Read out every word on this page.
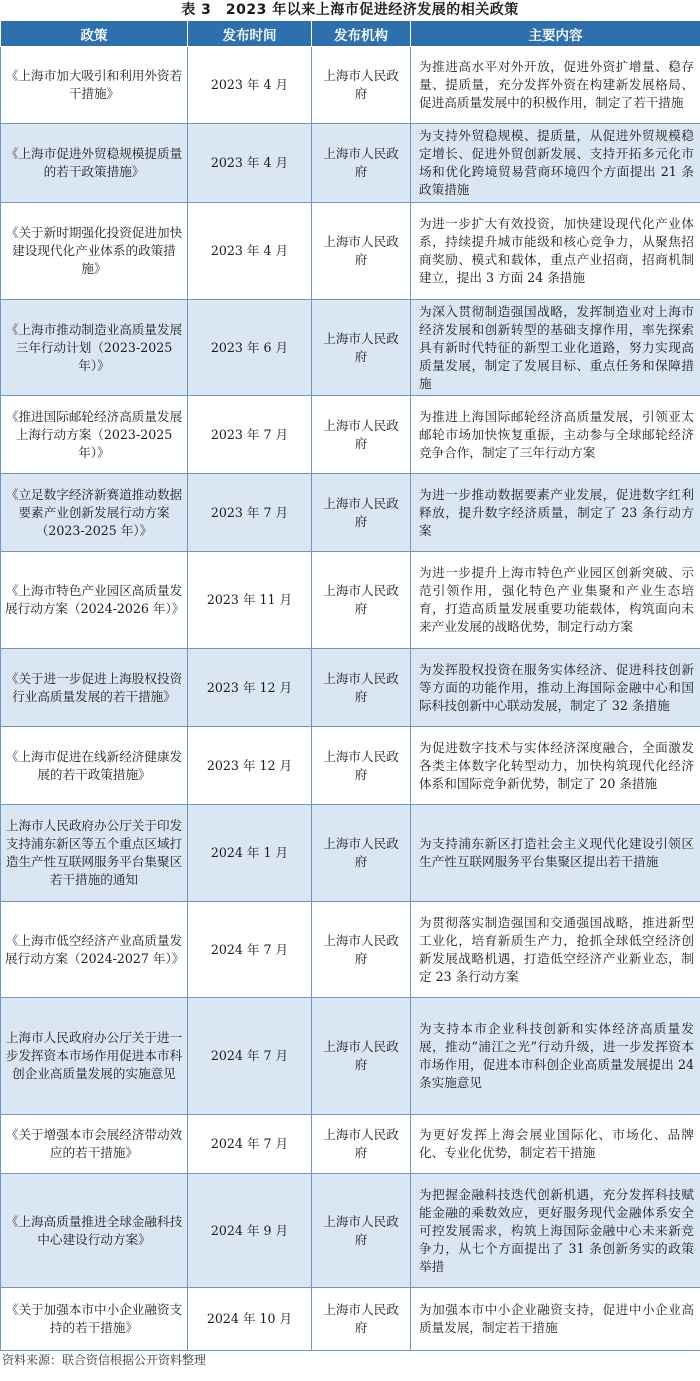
表 3　2023 年以来上海市促进经济发展的相关政策
政策	发布时间	发布机构	主要内容
《上海市加大吸引和利用外资若干措施》	2023 年 4 月	上海市人民政府	为推进高水平对外开放，促进外资扩增量、稳存量、提质量，充分发挥外资在构建新发展格局、促进高质量发展中的积极作用，制定了若干措施
《上海市促进外贸稳规模提质量的若干政策措施》	2023 年 4 月	上海市人民政府	为支持外贸稳规模、提质量，从促进外贸规模稳定增长、促进外贸创新发展、支持开拓多元化市场和优化跨境贸易营商环境四个方面提出 21 条政策措施
《关于新时期强化投资促进加快建设现代化产业体系的政策措施》	2023 年 4 月	上海市人民政府	为进一步扩大有效投资，加快建设现代化产业体系，持续提升城市能级和核心竞争力，从聚焦招商奖励、模式和载体，重点产业招商，招商机制建立，提出 3 方面 24 条措施
《上海市推动制造业高质量发展三年行动计划（2023-2025 年）》	2023 年 6 月	上海市人民政府	为深入贯彻制造强国战略，发挥制造业对上海市经济发展和创新转型的基础支撑作用，率先探索具有新时代特征的新型工业化道路，努力实现高质量发展，制定了发展目标、重点任务和保障措施
《推进国际邮轮经济高质量发展上海行动方案（2023-2025 年）》	2023 年 7 月	上海市人民政府	为推进上海国际邮轮经济高质量发展，引领亚太邮轮市场加快恢复重振，主动参与全球邮轮经济竞争合作，制定了三年行动方案
《立足数字经济新赛道推动数据要素产业创新发展行动方案（2023-2025 年）》	2023 年 7 月	上海市人民政府	为进一步推动数据要素产业发展，促进数字红利释放，提升数字经济质量，制定了 23 条行动方案
《上海市特色产业园区高质量发展行动方案（2024-2026 年）》	2023 年 11 月	上海市人民政府	为进一步提升上海市特色产业园区创新突破、示范引领作用，强化特色产业集聚和产业生态培育，打造高质量发展重要功能载体，构筑面向未来产业发展的战略优势，制定行动方案
《关于进一步促进上海股权投资行业高质量发展的若干措施》	2023 年 12 月	上海市人民政府	为发挥股权投资在服务实体经济、促进科技创新等方面的功能作用，推动上海国际金融中心和国际科技创新中心联动发展，制定了 32 条措施
《上海市促进在线新经济健康发展的若干政策措施》	2023 年 12 月	上海市人民政府	为促进数字技术与实体经济深度融合，全面激发各类主体数字化转型动力，加快构筑现代化经济体系和国际竞争新优势，制定了 20 条措施
上海市人民政府办公厅关于印发支持浦东新区等五个重点区域打造生产性互联网服务平台集聚区若干措施的通知	2024 年 1 月	上海市人民政府	为支持浦东新区打造社会主义现代化建设引领区生产性互联网服务平台集聚区提出若干措施
《上海市低空经济产业高质量发展行动方案（2024-2027 年）》	2024 年 7 月	上海市人民政府	为贯彻落实制造强国和交通强国战略，推进新型工业化，培育新质生产力，抢抓全球低空经济创新发展战略机遇，打造低空经济产业新业态，制定 23 条行动方案
上海市人民政府办公厅关于进一步发挥资本市场作用促进本市科创企业高质量发展的实施意见	2024 年 7 月	上海市人民政府	为支持本市企业科技创新和实体经济高质量发展，推动“浦江之光”行动升级，进一步发挥资本市场作用，促进本市科创企业高质量发展提出 24 条实施意见
《关于增强本市会展经济带动效应的若干措施》	2024 年 7 月	上海市人民政府	为更好发挥上海会展业国际化、市场化、品牌化、专业化优势，制定若干措施
《上海高质量推进全球金融科技中心建设行动方案》	2024 年 9 月	上海市人民政府	为把握金融科技迭代创新机遇，充分发挥科技赋能金融的乘数效应，更好服务现代金融体系安全可控发展需求，构筑上海国际金融中心未来新竞争力，从七个方面提出了 31 条创新务实的政策举措
《关于加强本市中小企业融资支持的若干措施》	2024 年 10 月	上海市人民政府	为加强本市中小企业融资支持，促进中小企业高质量发展，制定若干措施
资料来源：联合资信根据公开资料整理
